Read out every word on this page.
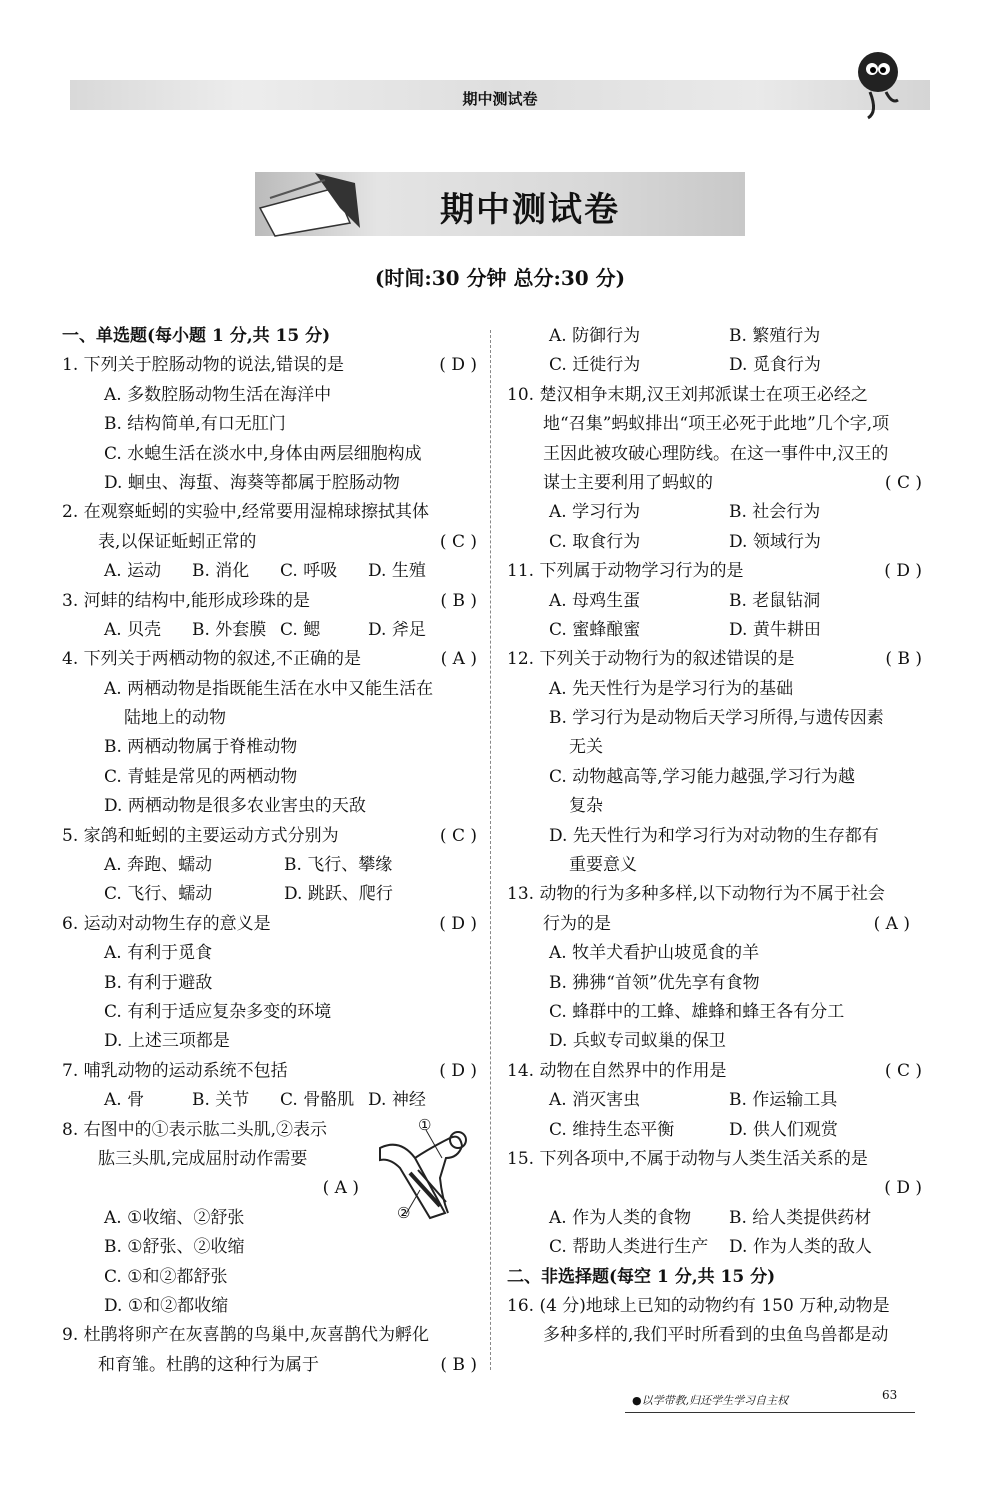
期中测试卷
期中测试卷
(时间:30 分钟 总分:30 分)
一、单选题(每小题 1 分,共 15 分)
1. 下列关于腔肠动物的说法,错误的是	( D )
A. 多数腔肠动物生活在海洋中
B. 结构简单,有口无肛门
C. 水螅生活在淡水中,身体由两层细胞构成
D. 蛔虫、海蜇、海葵等都属于腔肠动物
2. 在观察蚯蚓的实验中,经常要用湿棉球擦拭其体
表,以保证蚯蚓正常的	( C )
A. 运动 B. 消化 C. 呼吸 D. 生殖
3. 河蚌的结构中,能形成珍珠的是	( B )
A. 贝壳 B. 外套膜 C. 鳃	D. 斧足
4. 下列关于两栖动物的叙述,不正确的是	( A )
A. 两栖动物是指既能生活在水中又能生活在
陆地上的动物
B. 两栖动物属于脊椎动物
C. 青蛙是常见的两栖动物
D. 两栖动物是很多农业害虫的天敌
5. 家鸽和蚯蚓的主要运动方式分别为	( C )
A. 奔跑、蠕动	B. 飞行、攀缘
C. 飞行、蠕动	D. 跳跃、爬行
6. 运动对动物生存的意义是	( D )
A. 有利于觅食
B. 有利于避敌
C. 有利于适应复杂多变的环境
D. 上述三项都是
7. 哺乳动物的运动系统不包括	( D )
A. 骨	B. 关节 C. 骨骼肌 D. 神经
8. 右图中的①表示肱二头肌,②表示
肱三头肌,完成屈肘动作需要
( A )
A. ①收缩、②舒张
B. ①舒张、②收缩
C. ①和②都舒张
D. ①和②都收缩
9. 杜鹃将卵产在灰喜鹊的鸟巢中,灰喜鹊代为孵化
和育雏。杜鹃的这种行为属于	( B )
①
②
A. 防御行为	B. 繁殖行为
C. 迁徙行为	D. 觅食行为
10. 楚汉相争末期,汉王刘邦派谋士在项王必经之
地“召集”蚂蚁排出“项王必死于此地”几个字,项
王因此被攻破心理防线。在这一事件中,汉王的
谋士主要利用了蚂蚁的	( C )
A. 学习行为	B. 社会行为
C. 取食行为	D. 领域行为
11. 下列属于动物学习行为的是	( D )
A. 母鸡生蛋	B. 老鼠钻洞
C. 蜜蜂酿蜜	D. 黄牛耕田
12. 下列关于动物行为的叙述错误的是	( B )
A. 先天性行为是学习行为的基础
B. 学习行为是动物后天学习所得,与遗传因素
无关
C. 动物越高等,学习能力越强,学习行为越
复杂
D. 先天性行为和学习行为对动物的生存都有
重要意义
13. 动物的行为多种多样,以下动物行为不属于社会
行为的是	( A )
A. 牧羊犬看护山坡觅食的羊
B. 狒狒“首领”优先享有食物
C. 蜂群中的工蜂、雄蜂和蜂王各有分工
D. 兵蚁专司蚁巢的保卫
14. 动物在自然界中的作用是	( C )
A. 消灭害虫	B. 作运输工具
C. 维持生态平衡	D. 供人们观赏
15. 下列各项中,不属于动物与人类生活关系的是
( D )
A. 作为人类的食物 B. 给人类提供药材
C. 帮助人类进行生产 D. 作为人类的敌人
二、非选择题(每空 1 分,共 15 分)
16. (4 分)地球上已知的动物约有 150 万种,动物是
多种多样的,我们平时所看到的虫鱼鸟兽都是动
●以学带教,归还学生学习自主权	63
